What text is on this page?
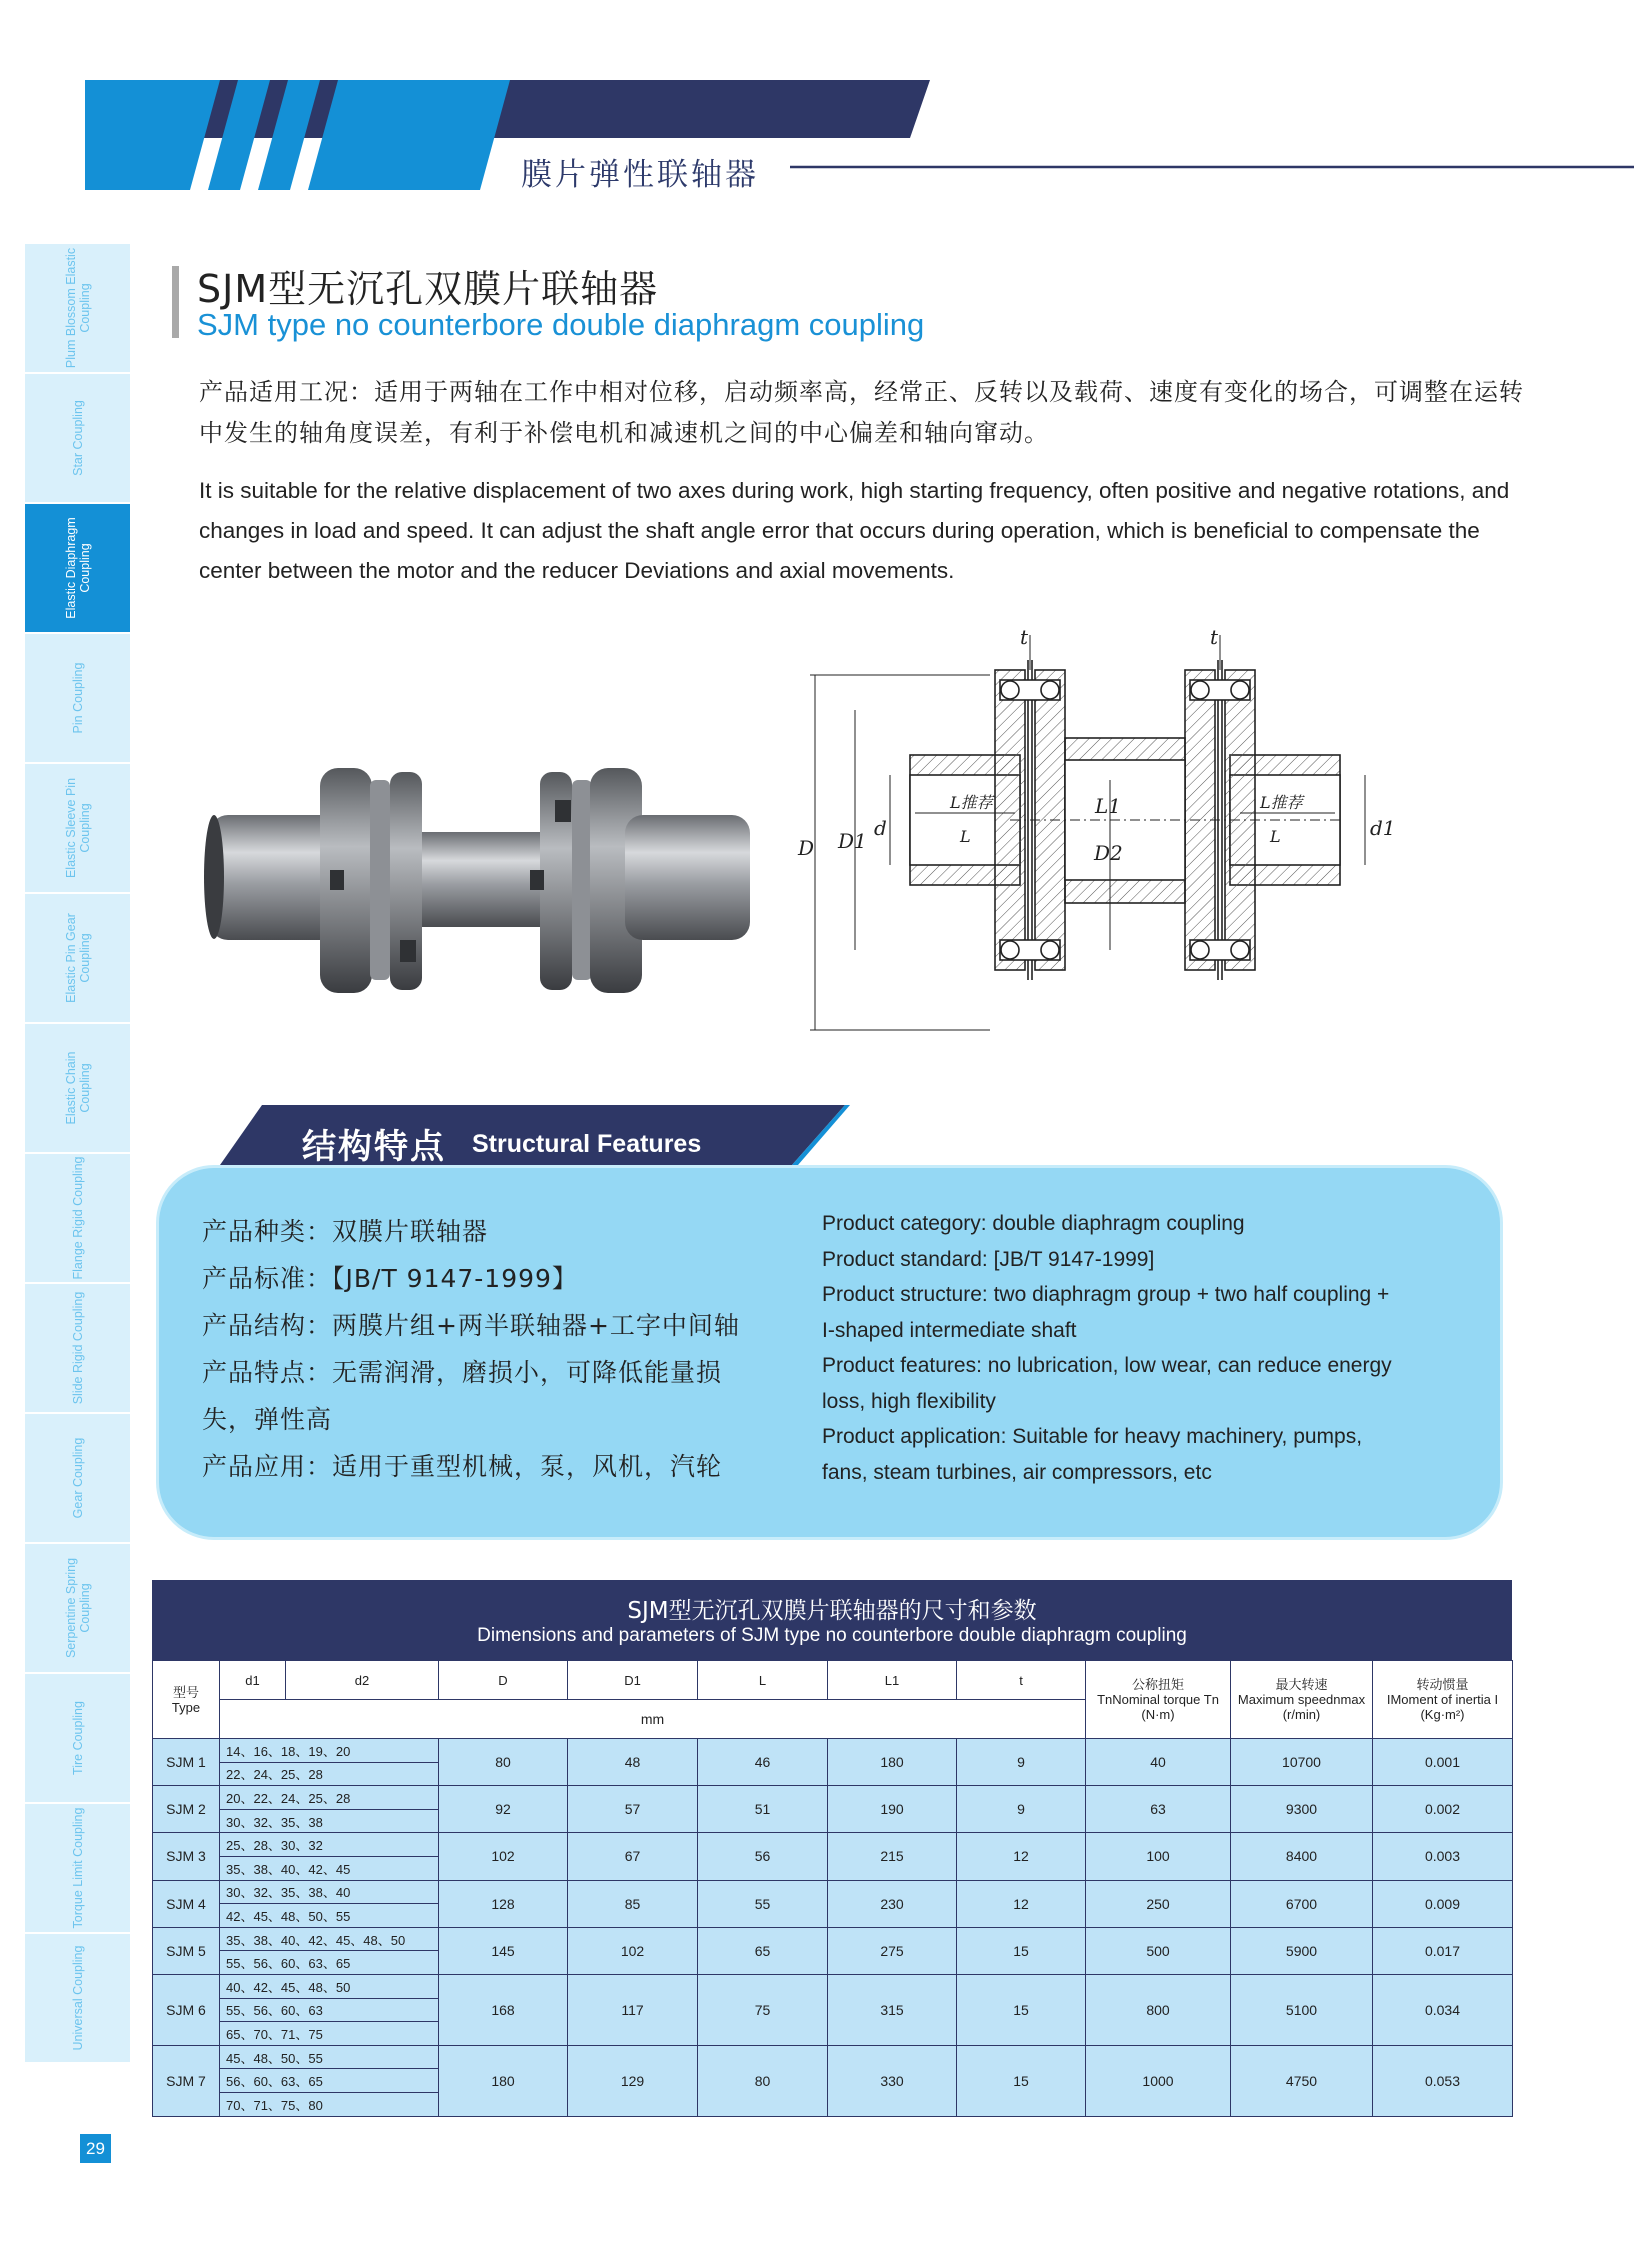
膜片弹性联轴器
Plum Blossom Elastic Coupling
Star Coupling
Elastic Diaphragm Coupling
Pin Coupling
Elastic Sleeve Pin Coupling
Elastic Pin Gear Coupling
Elastic Chain Coupling
Flange Rigid Coupling
Slide Rigid Coupling
Gear Coupling
Serpentine Spring Coupling
Tire Coupling
Torque Limit Coupling
Universal Coupling
29
SJM型无沉孔双膜片联轴器
SJM type no counterbore double diaphragm coupling
产品适用工况：适用于两轴在工作中相对位移，启动频率高，经常正、反转以及载荷、速度有变化的场合，可调整在运转中发生的轴角度误差，有利于补偿电机和减速机之间的中心偏差和轴向窜动。
It is suitable for the relative displacement of two axes during work, high starting frequency, often positive and negative rotations, and changes in load and speed. It can adjust the shaft angle error that occurs during operation, which is beneficial to compensate the center between the motor and the reducer Deviations and axial movements.
D D1
d
D2
L1
t	t
L推荐	L推荐
L	L	d1
结构特点 Structural Features
产品种类：双膜片联轴器
产品标准：【JB/T 9147-1999】
产品结构：两膜片组+两半联轴器+工字中间轴
产品特点：无需润滑，磨损小，可降低能量损
失，弹性高
产品应用：适用于重型机械，泵，风机，汽轮
Product category: double diaphragm coupling
Product standard: [JB/T 9147-1999]
Product structure: two diaphragm group + two half coupling +
I-shaped intermediate shaft
Product features: no lubrication, low wear, can reduce energy
loss, high flexibility
Product application: Suitable for heavy machinery, pumps,
fans, steam turbines, air compressors, etc
SJM型无沉孔双膜片联轴器的尺寸和参数
Dimensions and parameters of SJM type no counterbore double diaphragm coupling
型号
Type	d1	d2	D	D1	L	L1	t	公称扭矩
TnNominal torque Tn
(N·m)	最大转速
Maximum speednmax
(r/min)	转动惯量
IMoment of inertia I
(Kg·m²)
	mm									
SJM 1	14、16、18、19、20		80	48	46	180	9	40	10700	0.001
	22、24、25、28									
SJM 2	20、22、24、25、28		92	57	51	190	9	63	9300	0.002
	30、32、35、38									
SJM 3	25、28、30、32		102	67	56	215	12	100	8400	0.003
	35、38、40、42、45									
SJM 4	30、32、35、38、40		128	85	55	230	12	250	6700	0.009
	42、45、48、50、55									
SJM 5	35、38、40、42、45、48、50		145	102	65	275	15	500	5900	0.017
	55、56、60、63、65									
SJM 6	40、42、45、48、50		168	117	75	315	15	800	5100	0.034
	55、56、60、63									
	65、70、71、75									
SJM 7	45、48、50、55		180	129	80	330	15	1000	4750	0.053
	56、60、63、65									
	70、71、75、80									
